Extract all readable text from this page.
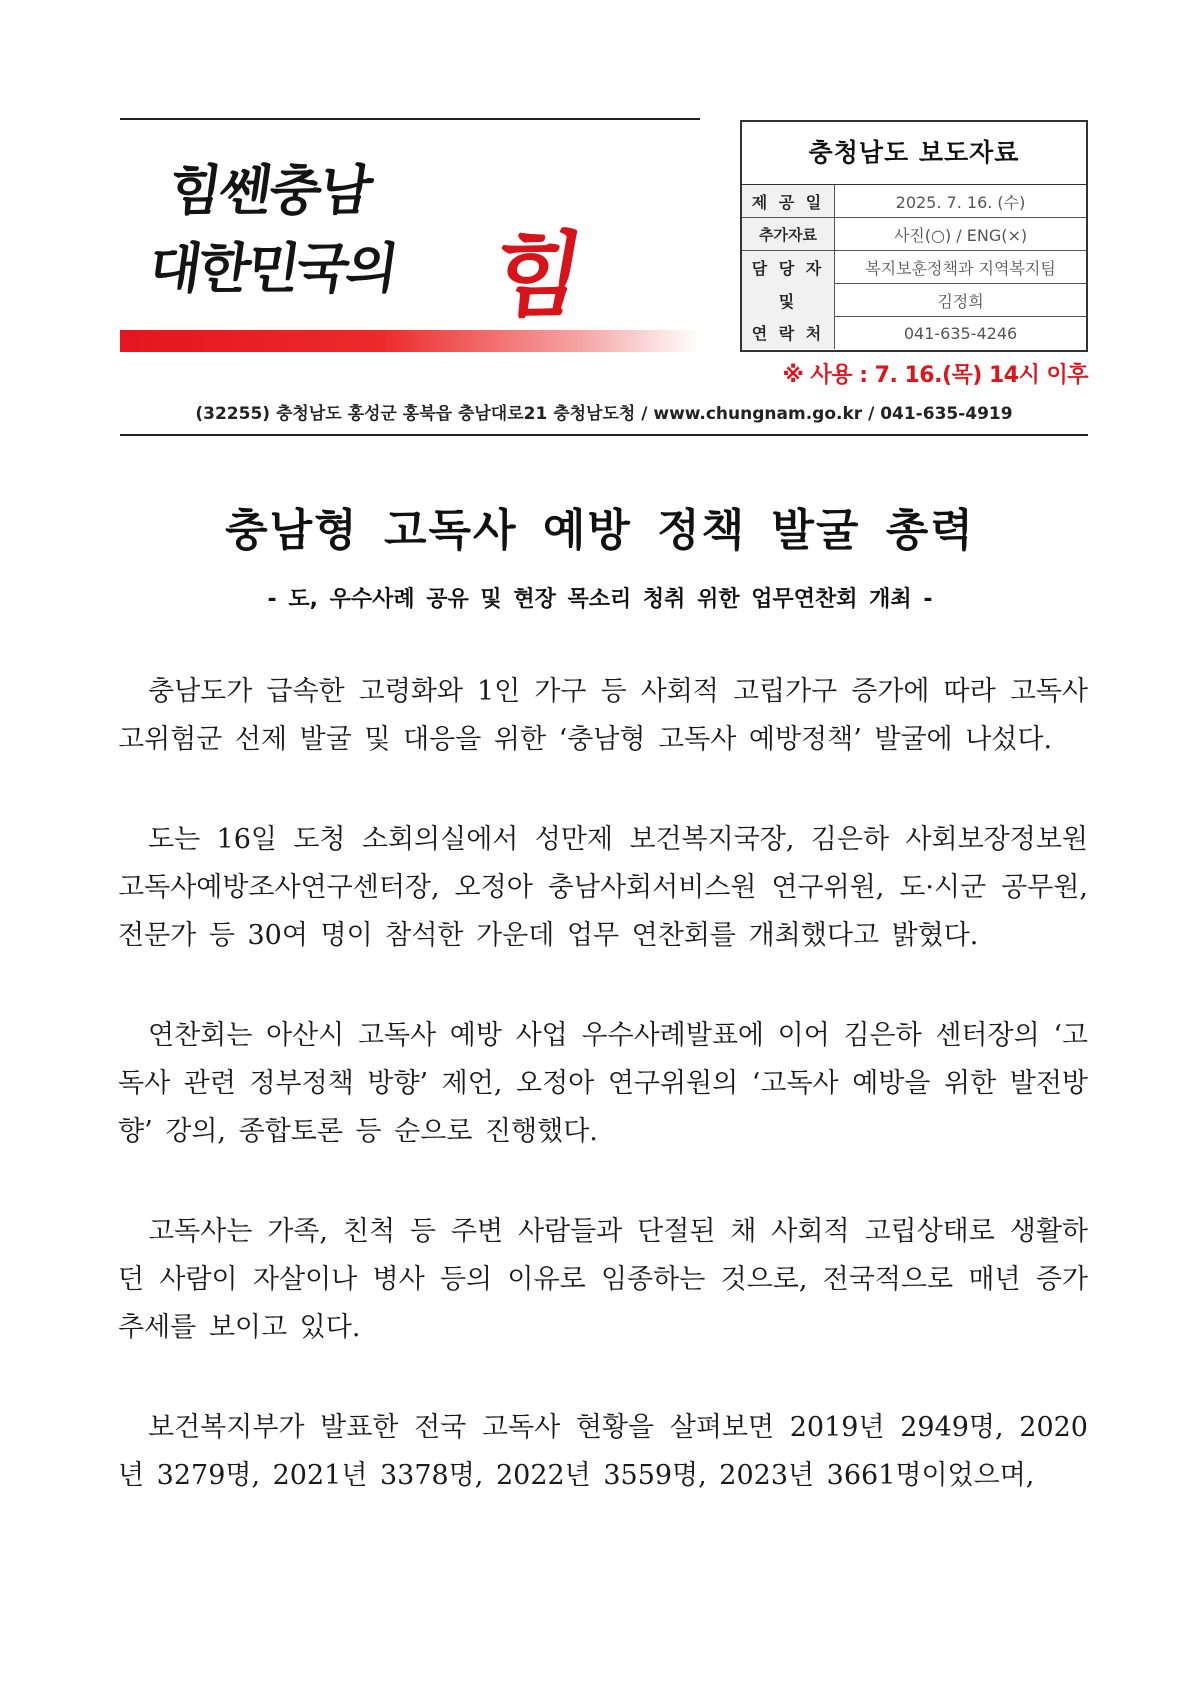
힘쎈충남
대한민국의 힘
충청남도 보도자료
제 공 일	2025. 7. 16. (수)
추가자료	사진(○) / ENG(×)
담 당 자	복지보훈정책과 지역복지팀
및	김정희
연 락 처	041-635-4246
※ 사용 : 7. 16.(목) 14시 이후
(32255) 충청남도 홍성군 홍북읍 충남대로21 충청남도청 / www.chungnam.go.kr / 041-635-4919
충남형 고독사 예방 정책 발굴 총력
- 도, 우수사례 공유 및 현장 목소리 청취 위한 업무연찬회 개최 -

충남도가 급속한 고령화와 1인 가구 등 사회적 고립가구 증가에 따라 고독사 고위험군 선제 발굴 및 대응을 위한 ‘충남형 고독사 예방정책’ 발굴에 나섰다.

도는 16일 도청 소회의실에서 성만제 보건복지국장, 김은하 사회보장정보원 고독사예방조사연구센터장, 오정아 충남사회서비스원 연구위원, 도·시군 공무원, 전문가 등 30여 명이 참석한 가운데 업무 연찬회를 개최했다고 밝혔다.

연찬회는 아산시 고독사 예방 사업 우수사례발표에 이어 김은하 센터장의 ‘고독사 관련 정부정책 방향’ 제언, 오정아 연구위원의 ‘고독사 예방을 위한 발전방향’ 강의, 종합토론 등 순으로 진행했다.

고독사는 가족, 친척 등 주변 사람들과 단절된 채 사회적 고립상태로 생활하던 사람이 자살이나 병사 등의 이유로 임종하는 것으로, 전국적으로 매년 증가 추세를 보이고 있다.

보건복지부가 발표한 전국 고독사 현황을 살펴보면 2019년 2949명, 2020년 3279명, 2021년 3378명, 2022년 3559명, 2023년 3661명이었으며,
